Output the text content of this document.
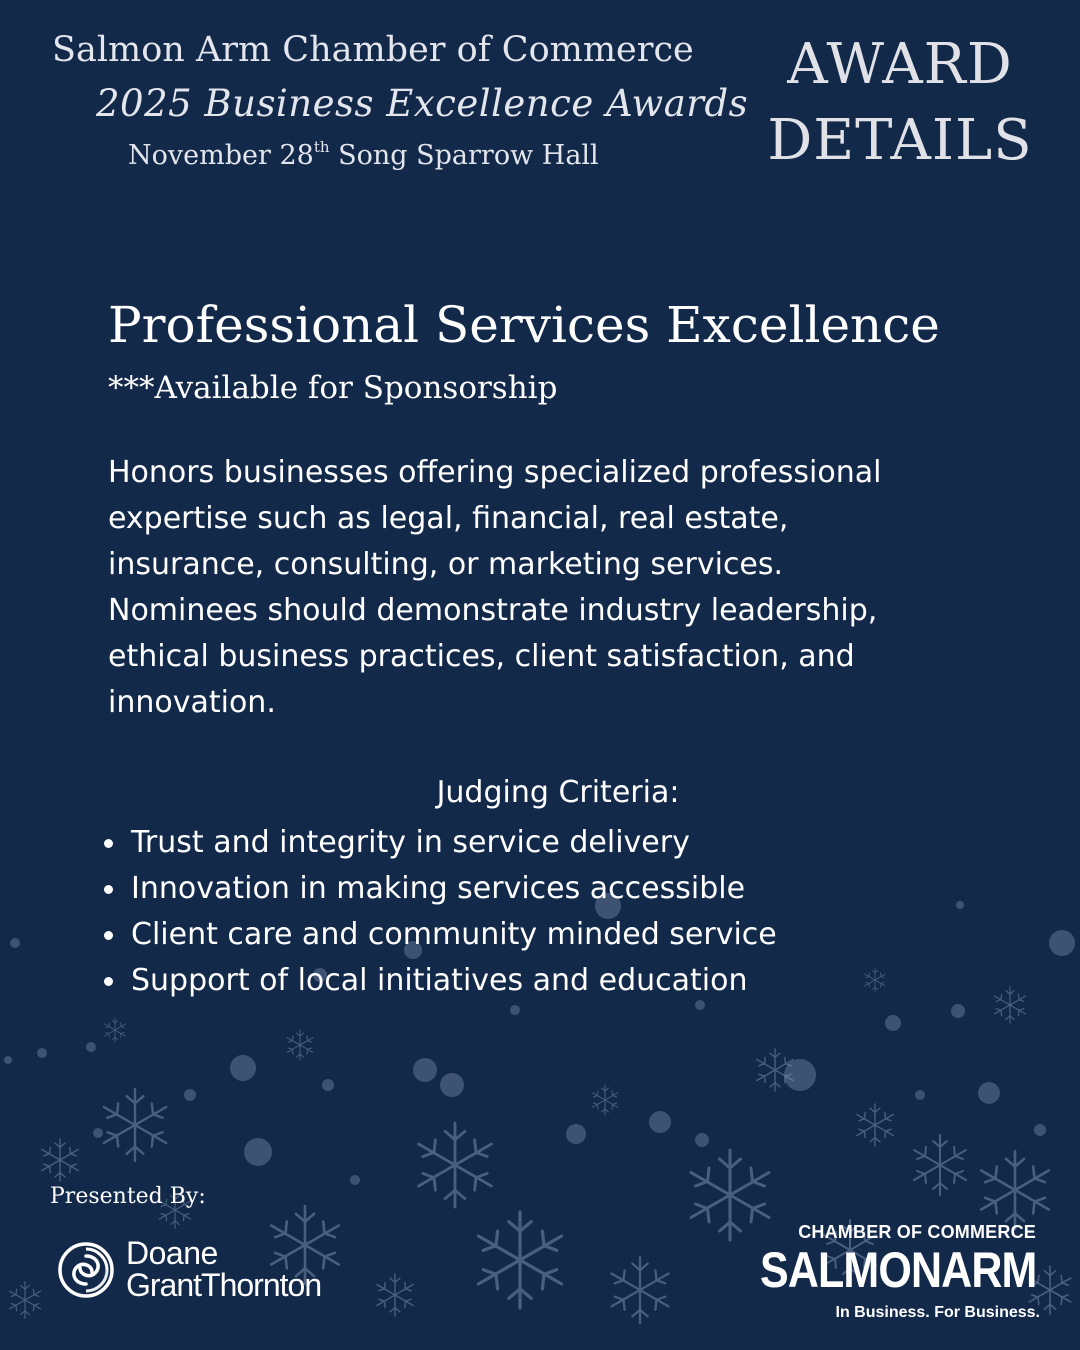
Salmon Arm Chamber of Commerce
2025 Business Excellence Awards
November 28th Song Sparrow Hall
AWARD
DETAILS
Professional Services Excellence
***Available for Sponsorship
Honors businesses offering specialized professional
expertise such as legal, financial, real estate,
insurance, consulting, or marketing services.
Nominees should demonstrate industry leadership,
ethical business practices, client satisfaction, and
innovation.
Judging Criteria:
Trust and integrity in service delivery
Innovation in making services accessible
Client care and community minded service
Support of local initiatives and education
Presented By:
Doane
GrantThornton
CHAMBER OF COMMERCE
SALMONARM
In Business. For Business.
